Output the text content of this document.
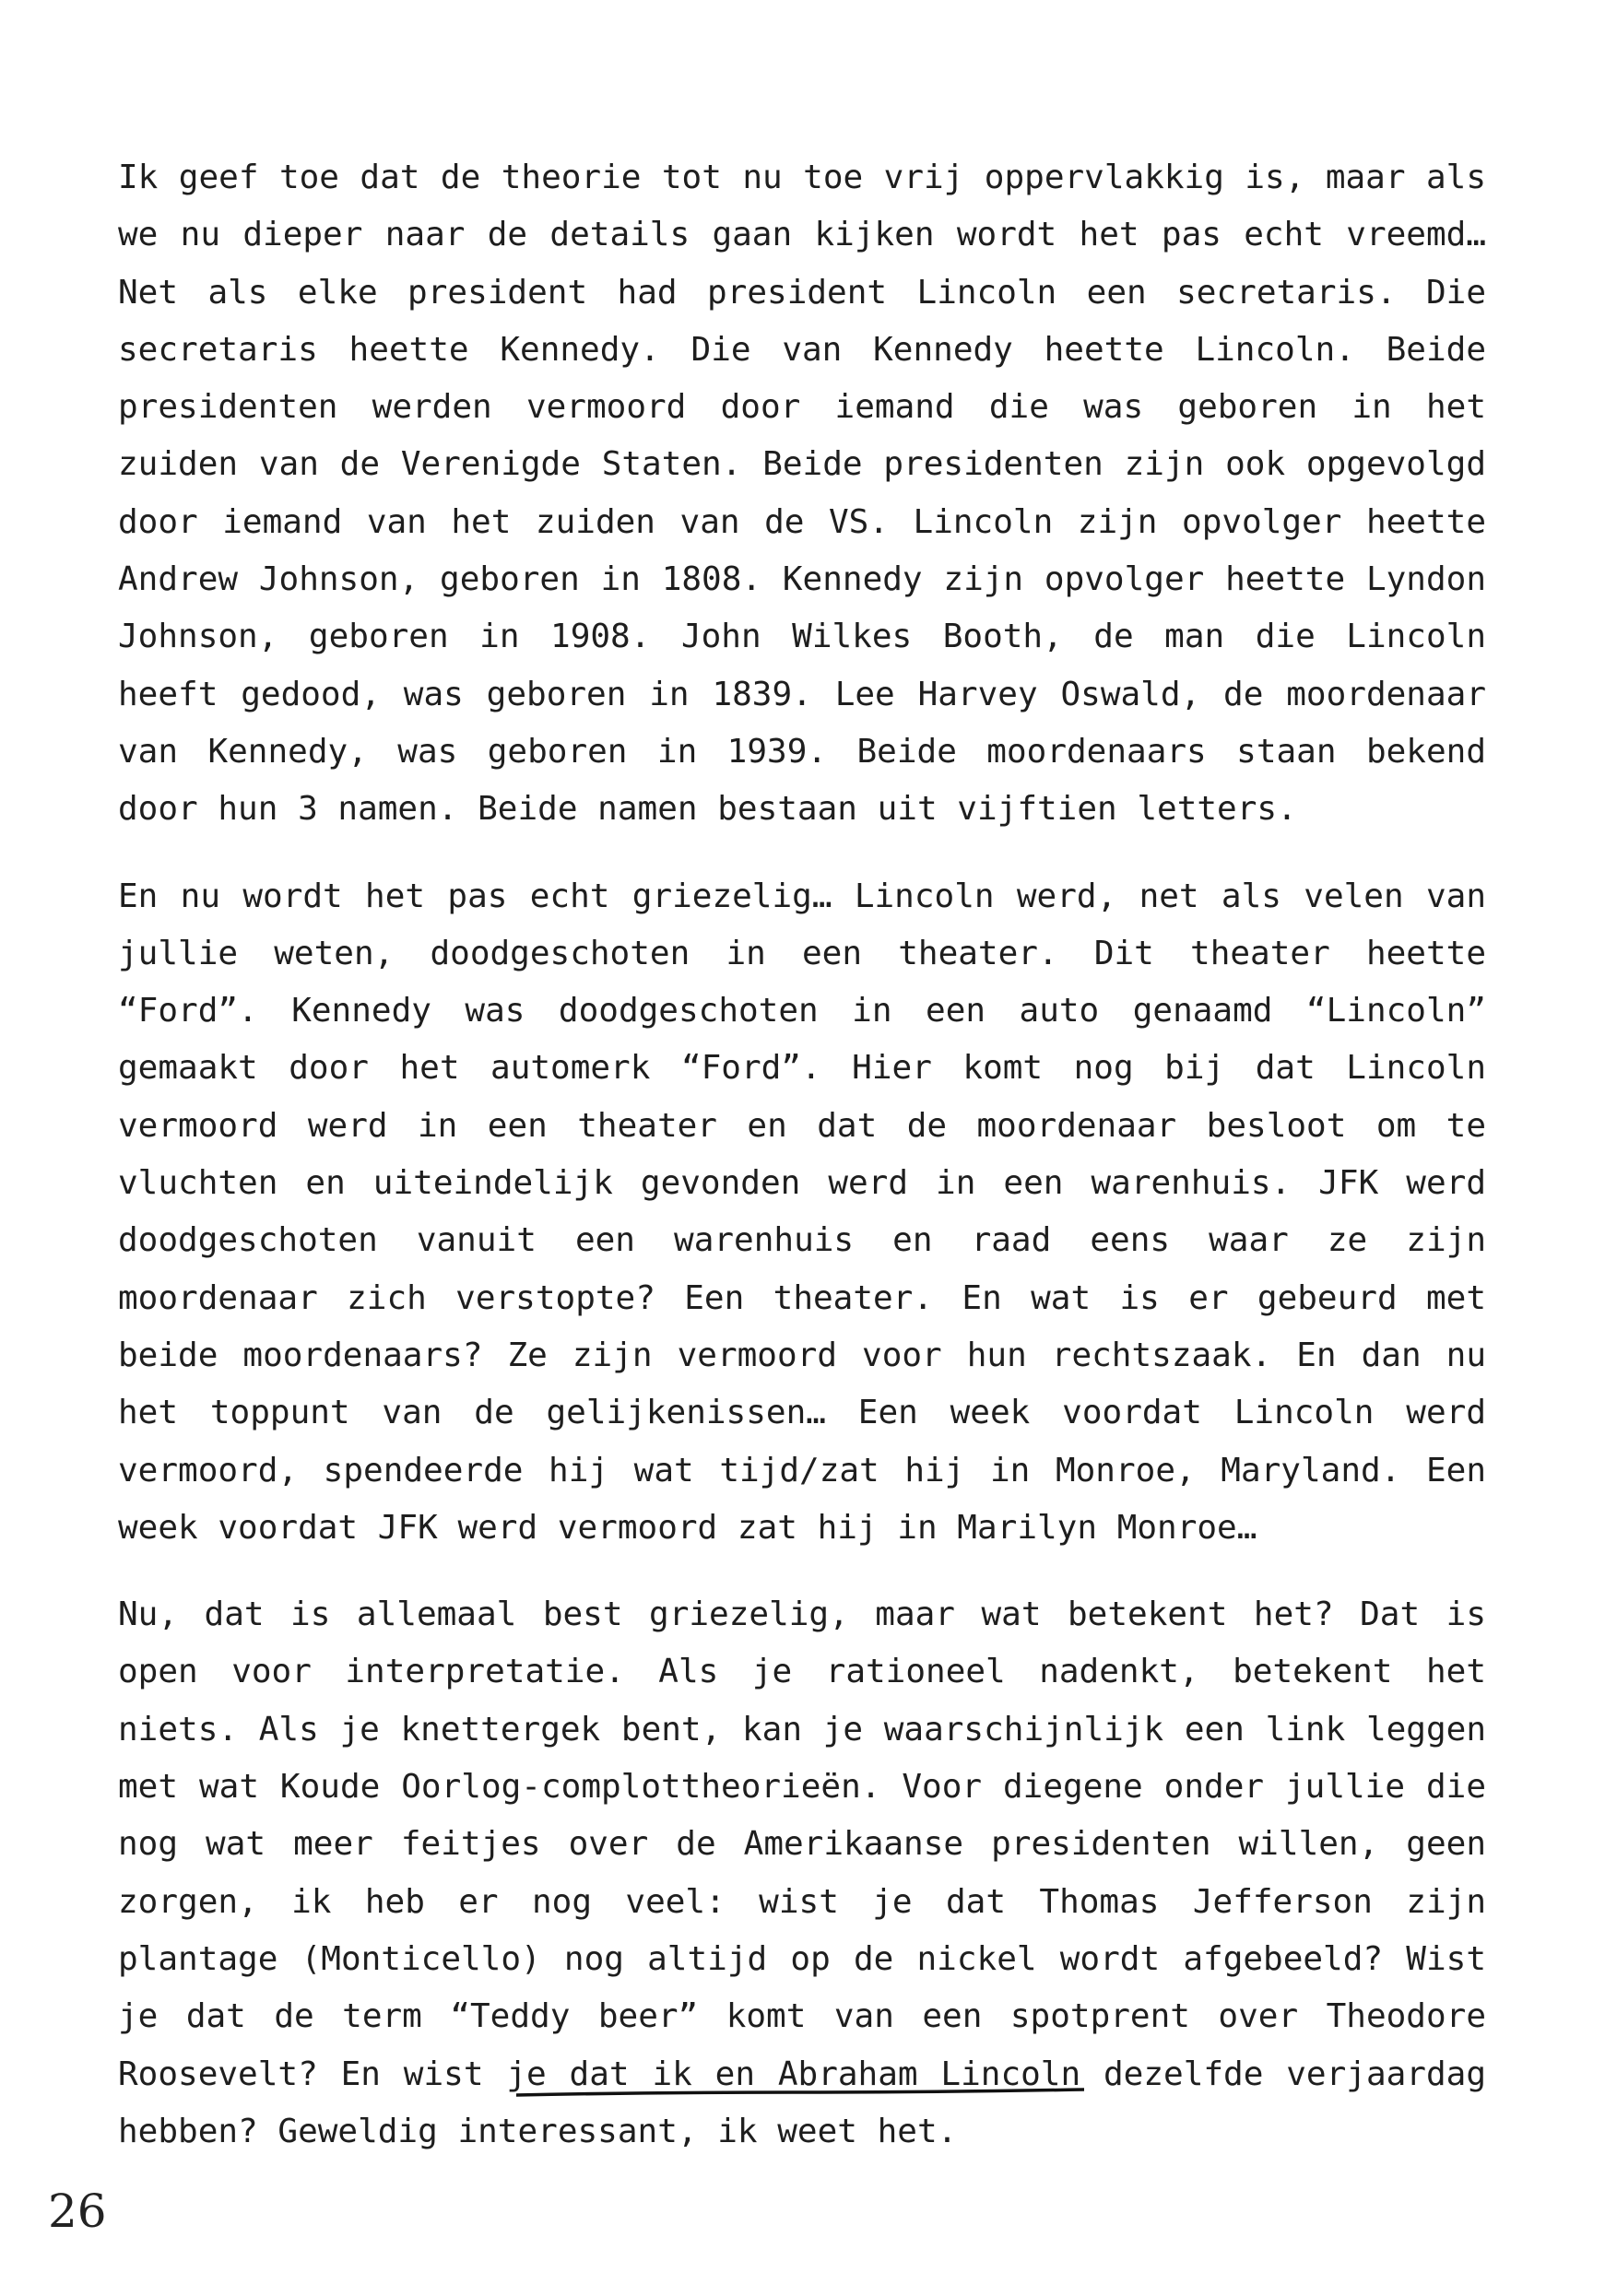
Ik geef toe dat de theorie tot nu toe vrij oppervlakkig is, maar als we nu dieper naar de details gaan kijken wordt het pas echt vreemd… Net als elke president had president Lincoln een secretaris. Die secretaris heette Kennedy. Die van Kennedy heette Lincoln. Beide presidenten werden vermoord door iemand die was geboren in het zuiden van de Verenigde Staten. Beide presidenten zijn ook opgevolgd door iemand van het zuiden van de VS. Lincoln zijn opvolger heette Andrew Johnson, geboren in 1808. Kennedy zijn opvolger heette Lyndon Johnson, geboren in 1908. John Wilkes Booth, de man die Lincoln heeft gedood, was geboren in 1839. Lee Harvey Oswald, de moordenaar van Kennedy, was geboren in 1939. Beide moordenaars staan bekend door hun 3 namen. Beide namen bestaan uit vijftien letters.

En nu wordt het pas echt griezelig… Lincoln werd, net als velen van jullie weten, doodgeschoten in een theater. Dit theater heette “Ford”. Kennedy was doodgeschoten in een auto genaamd “Lincoln” gemaakt door het automerk “Ford”. Hier komt nog bij dat Lincoln vermoord werd in een theater en dat de moordenaar besloot om te vluchten en uiteindelijk gevonden werd in een warenhuis. JFK werd doodgeschoten vanuit een warenhuis en raad eens waar ze zijn moordenaar zich verstopte? Een theater. En wat is er gebeurd met beide moordenaars? Ze zijn vermoord voor hun rechtszaak. En dan nu het toppunt van de gelijkenissen… Een week voordat Lincoln werd vermoord, spendeerde hij wat tijd/zat hij in Monroe, Maryland. Een week voordat JFK werd vermoord zat hij in Marilyn Monroe…

Nu, dat is allemaal best griezelig, maar wat betekent het? Dat is open voor interpretatie. Als je rationeel nadenkt, betekent het niets. Als je knettergek bent, kan je waarschijnlijk een link leggen met wat Koude Oorlog-complottheorieën. Voor diegene onder jullie die nog wat meer feitjes over de Amerikaanse presidenten willen, geen zorgen, ik heb er nog veel: wist je dat Thomas Jefferson zijn plantage (Monticello) nog altijd op de nickel wordt afgebeeld? Wist je dat de term “Teddy beer” komt van een spotprent over Theodore Roosevelt? En wist je dat ik en Abraham Lincoln dezelfde verjaardag hebben? Geweldig interessant, ik weet het.

26
